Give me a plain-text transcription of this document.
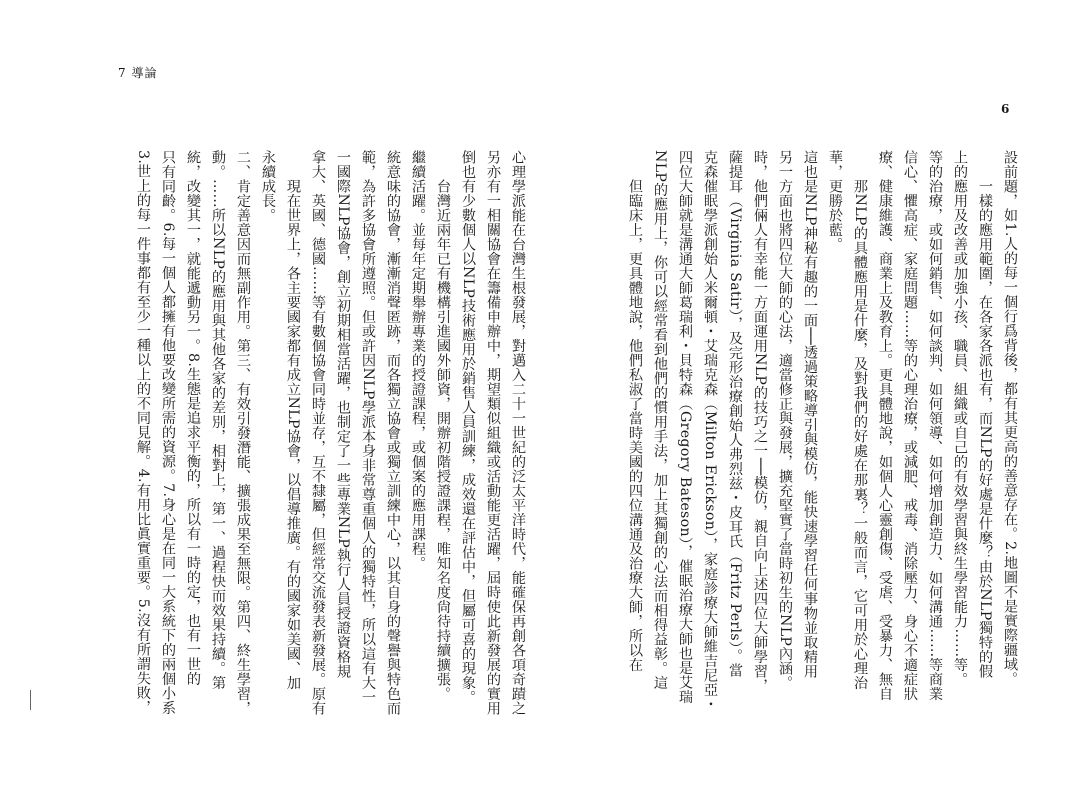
7 導論

心理學派能在台灣生根發展，對邁入二十一世紀的泛太平洋時代，能確保再創各項奇蹟之

另亦有一相關協會在籌備申辦中，期望類似組織或活動能更活躍，屆時使此新發展的實用

倒也有少數個人以NLP技術應用於銷售人員訓練，成效還在評估中，但屬可喜的現象。

　　台灣近兩年已有機構引進國外師資，開辦初階授證課程，唯知名度尙待持續擴張。

繼續活躍。並每年定期舉辦專業的授證課程，或個案的應用課程。

統意味的協會，漸漸消聲匿跡，而各獨立協會或獨立訓練中心，以其自身的聲譽與特色而

範，為許多協會所遵照。但或許因NLP學派本身非常尊重個人的獨特性，所以這有大一

一國際NLP協會，創立初期相當活躍，也制定了一些專業NLP執行人員授證資格規

拿大、英國、德國……等有數個協會同時並存，互不隸屬，但經常交流發表新發展。原有

　　現在世界上，各主要國家都有成立NLP協會，以倡導推廣。有的國家如美國、加

永續成長。

二、肯定善意因而無副作用。第三、有效引發潛能、擴張成果至無限。第四、終生學習，

動。……所以NLP的應用與其他各家的差別，相對上，第一、過程快而效果持續。第

統，改變其一，就能遞動另一。8.生態是追求平衡的，所以有一時的定，也有一世的

只有同齡。6.每一個人都擁有他要改變所需的資源。7.身心是在同一大系統下的兩個小系

3.世上的每一件事都有至少一種以上的不同見解。4.有用比眞實重要。5.沒有所謂失敗，

6

設前題，如1.人的每一個行爲背後，都有其更高的善意存在。2.地圖不是實際疆域。

　　一樣的應用範圍，在各家各派也有，而NLP的好處是什麼？由於NLP獨特的假

上的應用及改善或加強小孩、職員、組織或自己的有效學習與終生學習能力……等。

等的治療，或如何銷售、如何談判、如何領導、如何增加創造力、如何溝通……等商業

信心、懼高症、家庭問題……等的心理治療，或減肥、戒毒、消除壓力、身心不適症狀

療、健康維護、商業上及教育上。更具體地說，如個人心靈創傷、受虐、受暴力、無自

　　那NLP的具體應用是什麼，及對我們的好處在那裏？一般而言，它可用於心理治

華，更勝於藍。

這也是NLP神秘有趣的一面──透過策略導引與模仿，能快速學習任何事物並取精用

另一方面也將四位大師的心法，適當修正與發展，擴充堅實了當時初生的NLP內涵。

時，他們倆人有幸能一方面運用NLP的技巧之一──模仿，親自向上述四位大師學習，

薩提耳（Virginia Satir），及完形治療創始人弗烈兹・皮耳氏（Fritz Perls）。當

克森催眠學派創始人米爾頓・艾瑞克森（Milton Erickson），家庭診療大師維吉尼亞・

四位大師就是溝通大師葛瑞利・貝特森（Gregory Bateson），催眠治療大師也是艾瑞

NLP的應用上，你可以經常看到他們的慣用手法，加上其獨創的心法而相得益彰。這

　　但臨床上，更具體地說，他們私淑了當時美國的四位溝通及治療大師，所以在
